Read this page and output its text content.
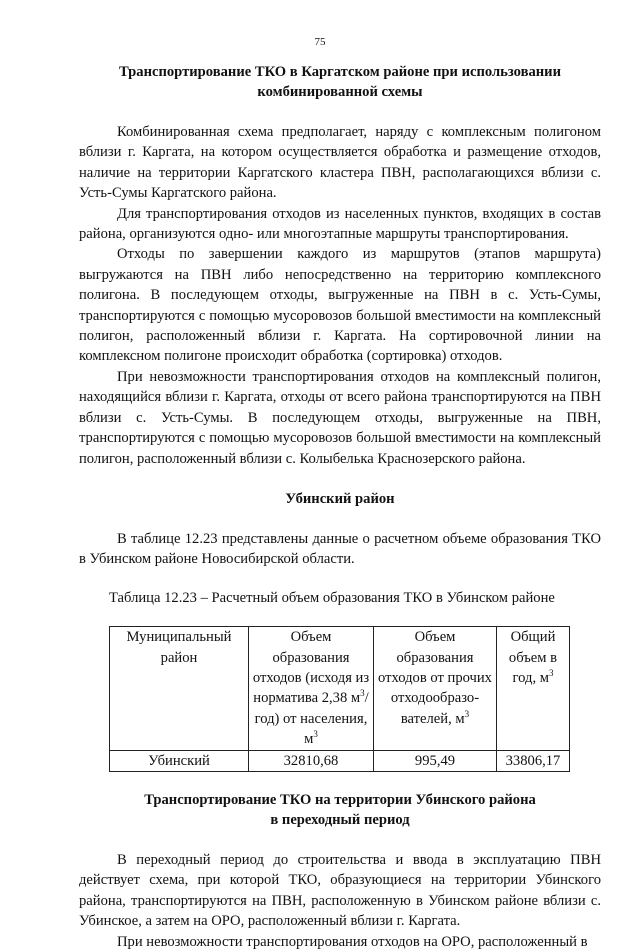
75
Транспортирование ТКО в Каргатском районе при использовании
комбинированной схемы

Комбинированная схема предполагает, наряду с комплексным полигоном вблизи г. Каргата, на котором осуществляется обработка и размещение отходов, наличие на территории Каргатского кластера ПВН, располагающихся вблизи с. Усть-Сумы Каргатского района.

Для транспортирования отходов из населенных пунктов, входящих в состав района, организуются одно- или многоэтапные маршруты транспортирования.

Отходы по завершении каждого из маршрутов (этапов маршрута) выгружаются на ПВН либо непосредственно на территорию комплексного полигона. В последующем отходы, выгруженные на ПВН в с. Усть-Сумы, транспортируются с помощью мусоровозов большой вместимости на комплексный полигон, расположенный вблизи г. Каргата. На сортировочной линии на комплексном полигоне происходит обработка (сортировка) отходов.

При невозможности транспортирования отходов на комплексный полигон, находящийся вблизи г. Каргата, отходы от всего района транспортируются на ПВН вблизи с. Усть-Сумы. В последующем отходы, выгруженные на ПВН, транспортируются с помощью мусоровозов большой вместимости на комплексный полигон, расположенный вблизи с. Колыбелька Краснозерского района.

Убинский район

В таблице 12.23 представлены данные о расчетном объеме образования ТКО в Убинском районе Новосибирской области.

Таблица 12.23 – Расчетный объем образования ТКО в Убинском районе

Муниципальный район	Объем образования отходов (исходя из норматива 2,38 $м^3/год$) от населения, $м^3$	Объем образования отходов от прочих отходообразо-вателей, $м^3$	Общий объем в год, $м^3$
Убинский	32810,68	995,49	33806,17
Транспортирование ТКО на территории Убинского района
в переходный период

В переходный период до строительства и ввода в эксплуатацию ПВН действует схема, при которой ТКО, образующиеся на территории Убинского района, транспортируются на ПВН, расположенную в Убинском районе вблизи с. Убинское, а затем на ОРО, расположенный вблизи г. Каргата.

При невозможности транспортирования отходов на ОРО, расположенный в
